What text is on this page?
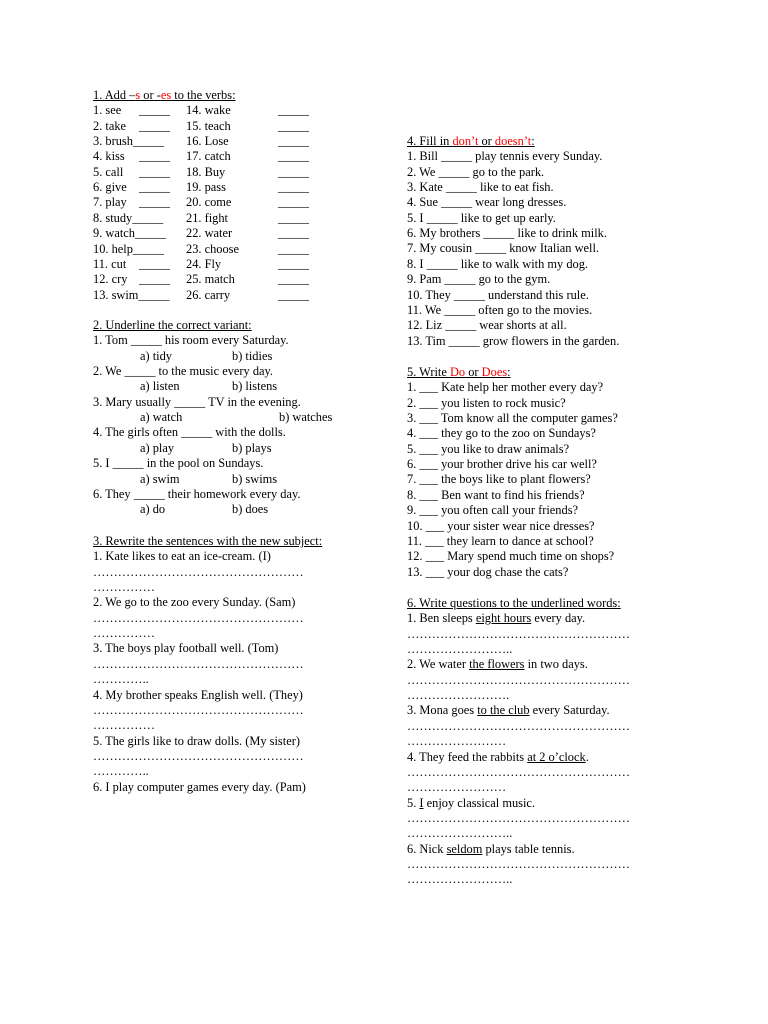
1. Add –s or -es to the verbs:
1. see _____ 14. wake	_____
2. take _____ 15. teach	_____
3. brush_____ 16. Lose	_____
4. kiss _____ 17. catch	_____
5. call _____ 18. Buy	_____
6. give _____ 19. pass	_____
7. play _____ 20. come	_____
8. study_____ 21. fight	_____
9. watch_____ 22. water	_____
10. help_____ 23. choose	_____
11. cut _____ 24. Fly	_____
12. cry _____ 25. match	_____
13. swim_____ 26. carry	_____
2. Underline the correct variant:
1. Tom _____ his room every Saturday.
a) tidy	b) tidies
2. We _____ to the music every day.
a) listen	b) listens
3. Mary usually _____ TV in the evening.
a) watch	b) watches
4. The girls often _____ with the dolls.
a) play	b) plays
5. I _____ in the pool on Sundays.
a) swim	b) swims
6. They _____ their homework every day.
a) do	b) does
3. Rewrite the sentences with the new subject:
1. Kate likes to eat an ice-cream. (I)
……………………………………………
……………
2. We go to the zoo every Sunday. (Sam)
……………………………………………
……………
3. The boys play football well. (Tom)
……………………………………………
…………..
4. My brother speaks English well. (They)
……………………………………………
……………
5. The girls like to draw dolls. (My sister)
……………………………………………
…………..
6. I play computer games every day. (Pam)
4. Fill in don’t or doesn’t:
1. Bill _____ play tennis every Sunday.
2. We _____ go to the park.
3. Kate _____ like to eat fish.
4. Sue _____ wear long dresses.
5. I _____ like to get up early.
6. My brothers _____ like to drink milk.
7. My cousin _____ know Italian well.
8. I _____ like to walk with my dog.
9. Pam _____ go to the gym.
10. They _____ understand this rule.
11. We _____ often go to the movies.
12. Liz _____ wear shorts at all.
13. Tim _____ grow flowers in the garden.
5. Write Do or Does:
1. ___ Kate help her mother every day?
2. ___ you listen to rock music?
3. ___ Tom know all the computer games?
4. ___ they go to the zoo on Sundays?
5. ___ you like to draw animals?
6. ___ your brother drive his car well?
7. ___ the boys like to plant flowers?
8. ___ Ben want to find his friends?
9. ___ you often call your friends?
10. ___ your sister wear nice dresses?
11. ___ they learn to dance at school?
12. ___ Mary spend much time on shops?
13. ___ your dog chase the cats?
6. Write questions to the underlined words:
1. Ben sleeps eight hours every day.
………………………………………………
……………………..
2. We water the flowers in two days.
………………………………………………
…………………….
3. Mona goes to the club every Saturday.
………………………………………………
……………………
4. They feed the rabbits at 2 o’clock.
………………………………………………
……………………
5. I enjoy classical music.
………………………………………………
……………………..
6. Nick seldom plays table tennis.
………………………………………………
……………………..
